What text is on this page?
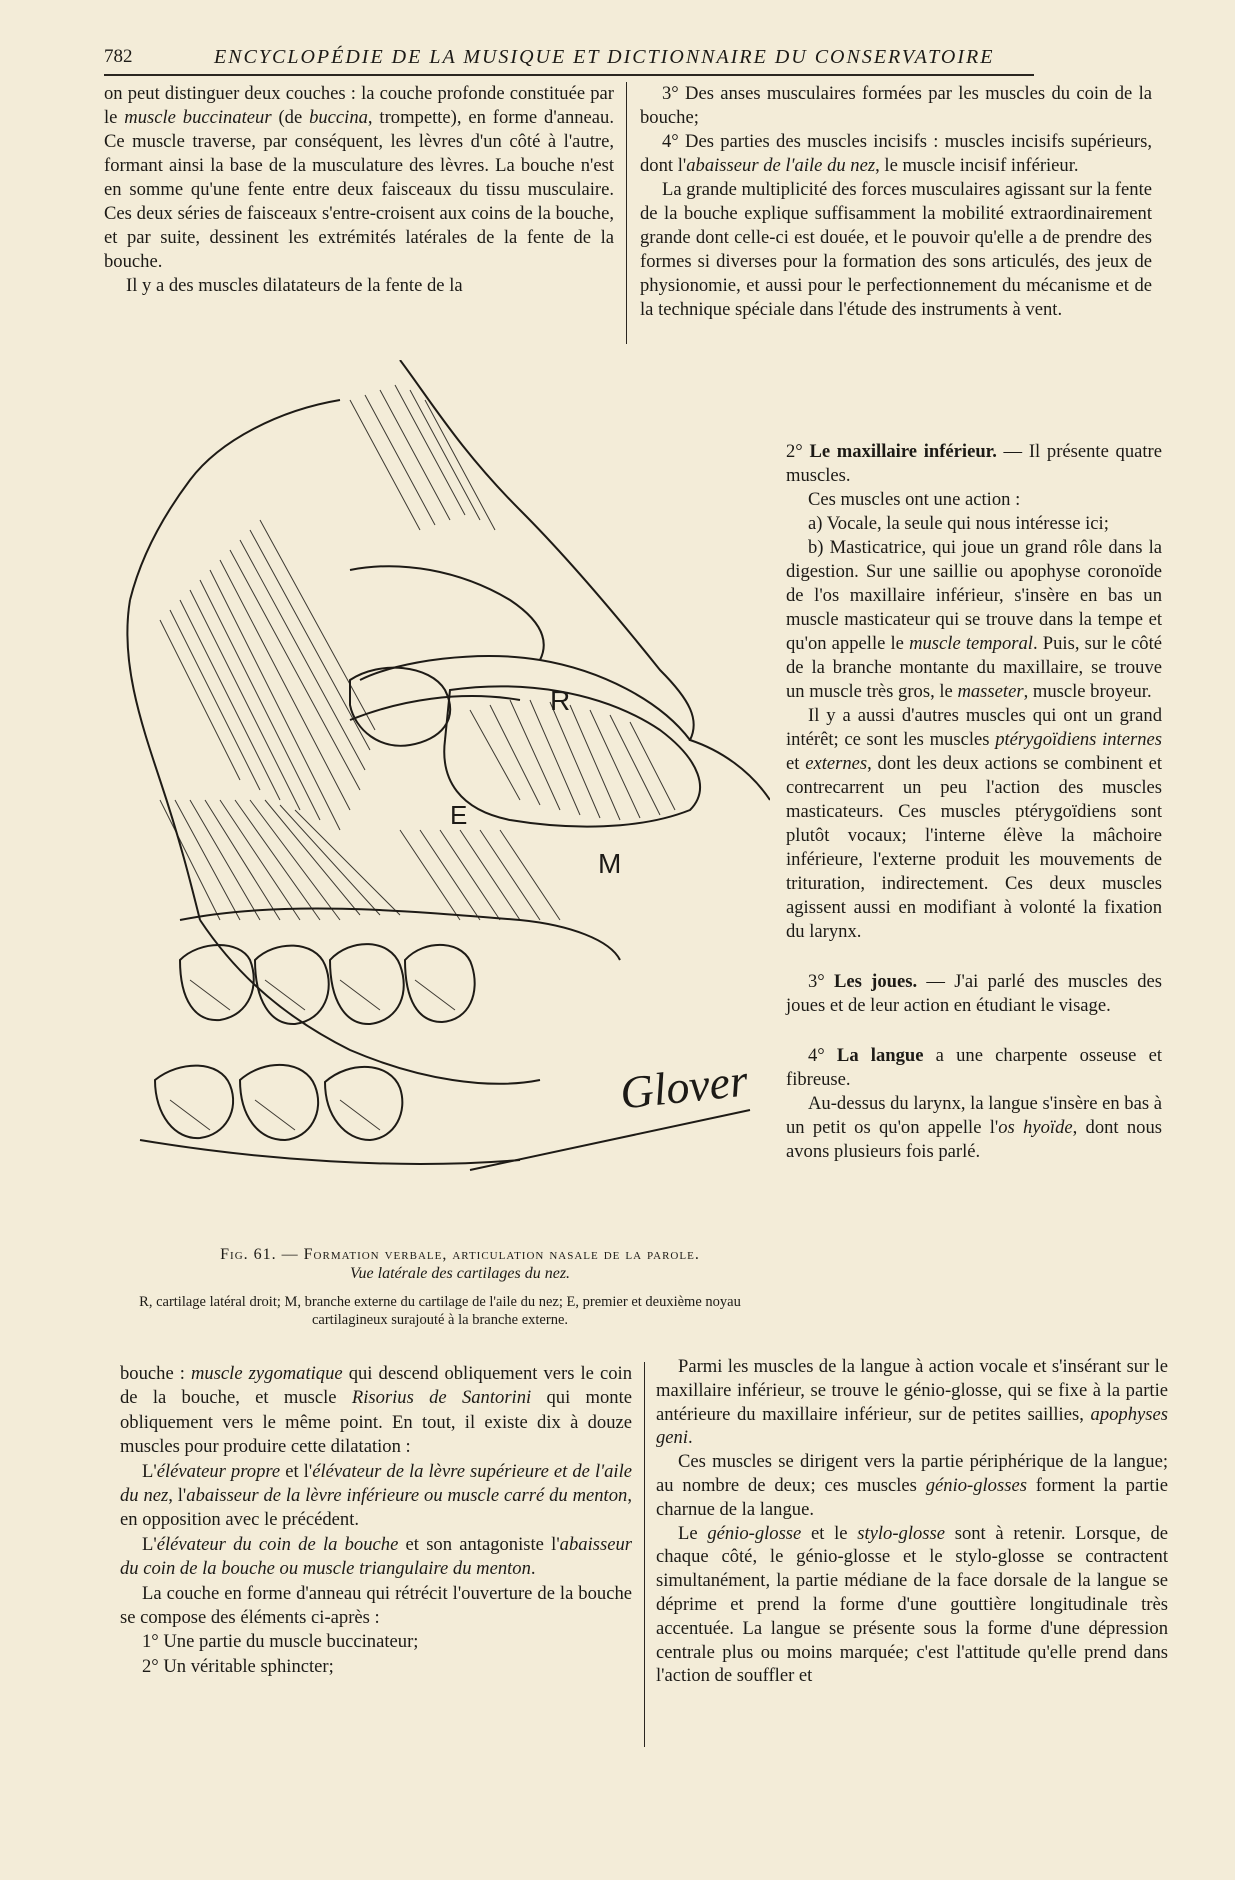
782	ENCYCLOPÉDIE DE LA MUSIQUE ET DICTIONNAIRE DU CONSERVATOIRE

on peut distinguer deux couches : la couche profonde constituée par le muscle buccinateur (de buccina, trompette), en forme d'anneau. Ce muscle traverse, par conséquent, les lèvres d'un côté à l'autre, formant ainsi la base de la musculature des lèvres. La bouche n'est en somme qu'une fente entre deux faisceaux du tissu musculaire. Ces deux séries de faisceaux s'entre-croisent aux coins de la bouche, et par suite, dessinent les extrémités latérales de la fente de la bouche.

Il y a des muscles dilatateurs de la fente de la

3° Des anses musculaires formées par les muscles du coin de la bouche;

4° Des parties des muscles incisifs : muscles incisifs supérieurs, dont l'abaisseur de l'aile du nez, le muscle incisif inférieur.

La grande multiplicité des forces musculaires agissant sur la fente de la bouche explique suffisamment la mobilité extraordinairement grande dont celle-ci est douée, et le pouvoir qu'elle a de prendre des formes si diverses pour la formation des sons articulés, des jeux de physionomie, et aussi pour le perfectionnement du mécanisme et de la technique spéciale dans l'étude des instruments à vent.

2° Le maxillaire inférieur. — Il présente quatre muscles.

Ces muscles ont une action :

a) Vocale, la seule qui nous intéresse ici;

b) Masticatrice, qui joue un grand rôle dans la digestion. Sur une saillie ou apophyse coronoïde de l'os maxillaire inférieur, s'insère en bas un muscle masticateur qui se trouve dans la tempe et qu'on appelle le muscle temporal. Puis, sur le côté de la branche montante du maxillaire, se trouve un muscle très gros, le masseter, muscle broyeur.

Il y a aussi d'autres muscles qui ont un grand intérêt; ce sont les muscles ptérygoïdiens internes et externes, dont les deux actions se combinent et contrecarrent un peu l'action des muscles masticateurs. Ces muscles ptérygoïdiens sont plutôt vocaux; l'interne élève la mâchoire inférieure, l'externe produit les mouvements de trituration, indirectement. Ces deux muscles agissent aussi en modifiant à volonté la fixation du larynx.

3° Les joues. — J'ai parlé des muscles des joues et de leur action en étudiant le visage.

4° La langue a une charpente osseuse et fibreuse.

Au-dessus du larynx, la langue s'insère en bas à un petit os qu'on appelle l'os hyoïde, dont nous avons plusieurs fois parlé.

R
E
M
Glover
Fig. 61. — Formation verbale, articulation nasale de la parole.
Vue latérale des cartilages du nez.
R, cartilage latéral droit; M, branche externe du cartilage de l'aile du nez; E, premier et deuxième noyau cartilagineux surajouté à la branche externe.

bouche : muscle zygomatique qui descend obliquement vers le coin de la bouche, et muscle Risorius de Santorini qui monte obliquement vers le même point. En tout, il existe dix à douze muscles pour produire cette dilatation :

L'élévateur propre et l'élévateur de la lèvre supérieure et de l'aile du nez, l'abaisseur de la lèvre inférieure ou muscle carré du menton, en opposition avec le précédent.

L'élévateur du coin de la bouche et son antagoniste l'abaisseur du coin de la bouche ou muscle triangulaire du menton.

La couche en forme d'anneau qui rétrécit l'ouverture de la bouche se compose des éléments ci-après :

1° Une partie du muscle buccinateur;

2° Un véritable sphincter;

Parmi les muscles de la langue à action vocale et s'insérant sur le maxillaire inférieur, se trouve le génio-glosse, qui se fixe à la partie antérieure du maxillaire inférieur, sur de petites saillies, apophyses geni.

Ces muscles se dirigent vers la partie périphérique de la langue; au nombre de deux; ces muscles génio-glosses forment la partie charnue de la langue.

Le génio-glosse et le stylo-glosse sont à retenir. Lorsque, de chaque côté, le génio-glosse et le stylo-glosse se contractent simultanément, la partie médiane de la face dorsale de la langue se déprime et prend la forme d'une gouttière longitudinale très accentuée. La langue se présente sous la forme d'une dépression centrale plus ou moins marquée; c'est l'attitude qu'elle prend dans l'action de souffler et
